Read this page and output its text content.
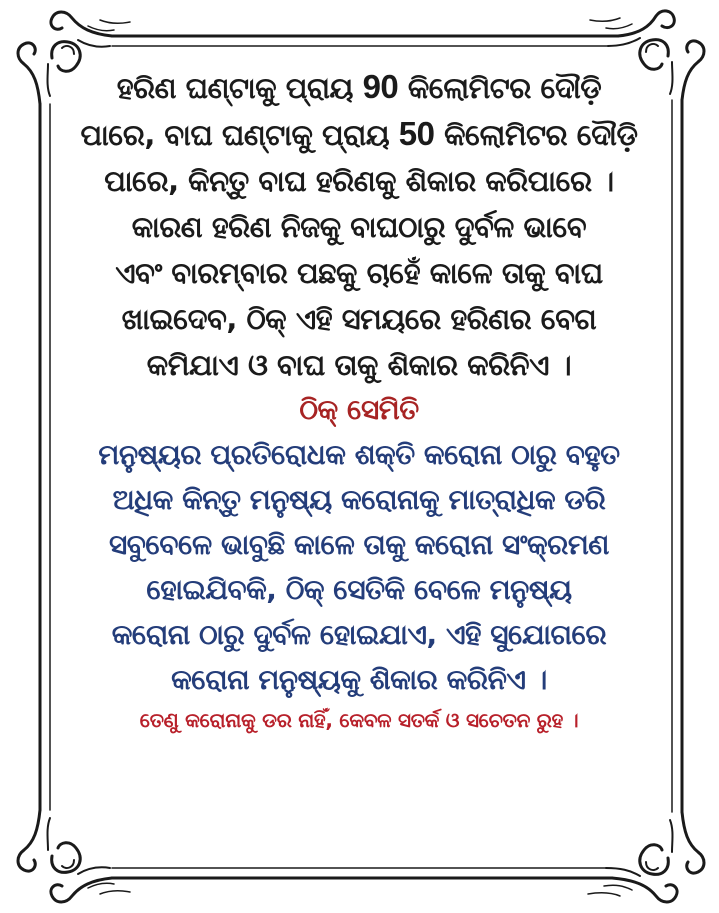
ହରିଣ ଘଣ୍ଟାକୁ ପ୍ରାୟ 90 କିଲୋମିଟର ଦୌଡ଼ି
ପାରେ, ବାଘ ଘଣ୍ଟାକୁ ପ୍ରାୟ 50 କିଲୋମିଟର ଦୌଡ଼ି
ପାରେ, କିନ୍ତୁ ବାଘ ହରିଣକୁ ଶିକାର କରିପାରେ ।
କାରଣ ହରିଣ ନିଜକୁ ବାଘଠାରୁ ଦୁର୍ବଳ ଭାବେ
ଏବଂ ବାରମ୍ବାର ପଛକୁ ଚାହେଁ କାଳେ ତାକୁ ବାଘ
ଖାଇଦେବ, ଠିକ୍ ଏହି ସମୟରେ ହରିଣର ବେଗ
କମିଯାଏ ଓ ବାଘ ତାକୁ ଶିକାର କରିନିଏ ।
ଠିକ୍ ସେମିତି
ମନୁଷ୍ୟର ପ୍ରତିରୋଧକ ଶକ୍ତି କରୋନା ଠାରୁ ବହୁତ
ଅଧିକ କିନ୍ତୁ ମନୁଷ୍ୟ କରୋନାକୁ ମାତ୍ରାଧିକ ଡରି
ସବୁବେଳେ ଭାବୁଛି କାଳେ ତାକୁ କରୋନା ସଂକ୍ରମଣ
ହୋଇଯିବକି, ଠିକ୍ ସେତିକି ବେଳେ ମନୁଷ୍ୟ
କରୋନା ଠାରୁ ଦୁର୍ବଳ ହୋଇଯାଏ, ଏହି ସୁଯୋଗରେ
କରୋନା ମନୁଷ୍ୟକୁ ଶିକାର କରିନିଏ ।
ତେଣୁ କରୋନାକୁ ଡର ନାହିଁ, କେବଳ ସତର୍କ ଓ ସଚେତନ ରୁହ ।
